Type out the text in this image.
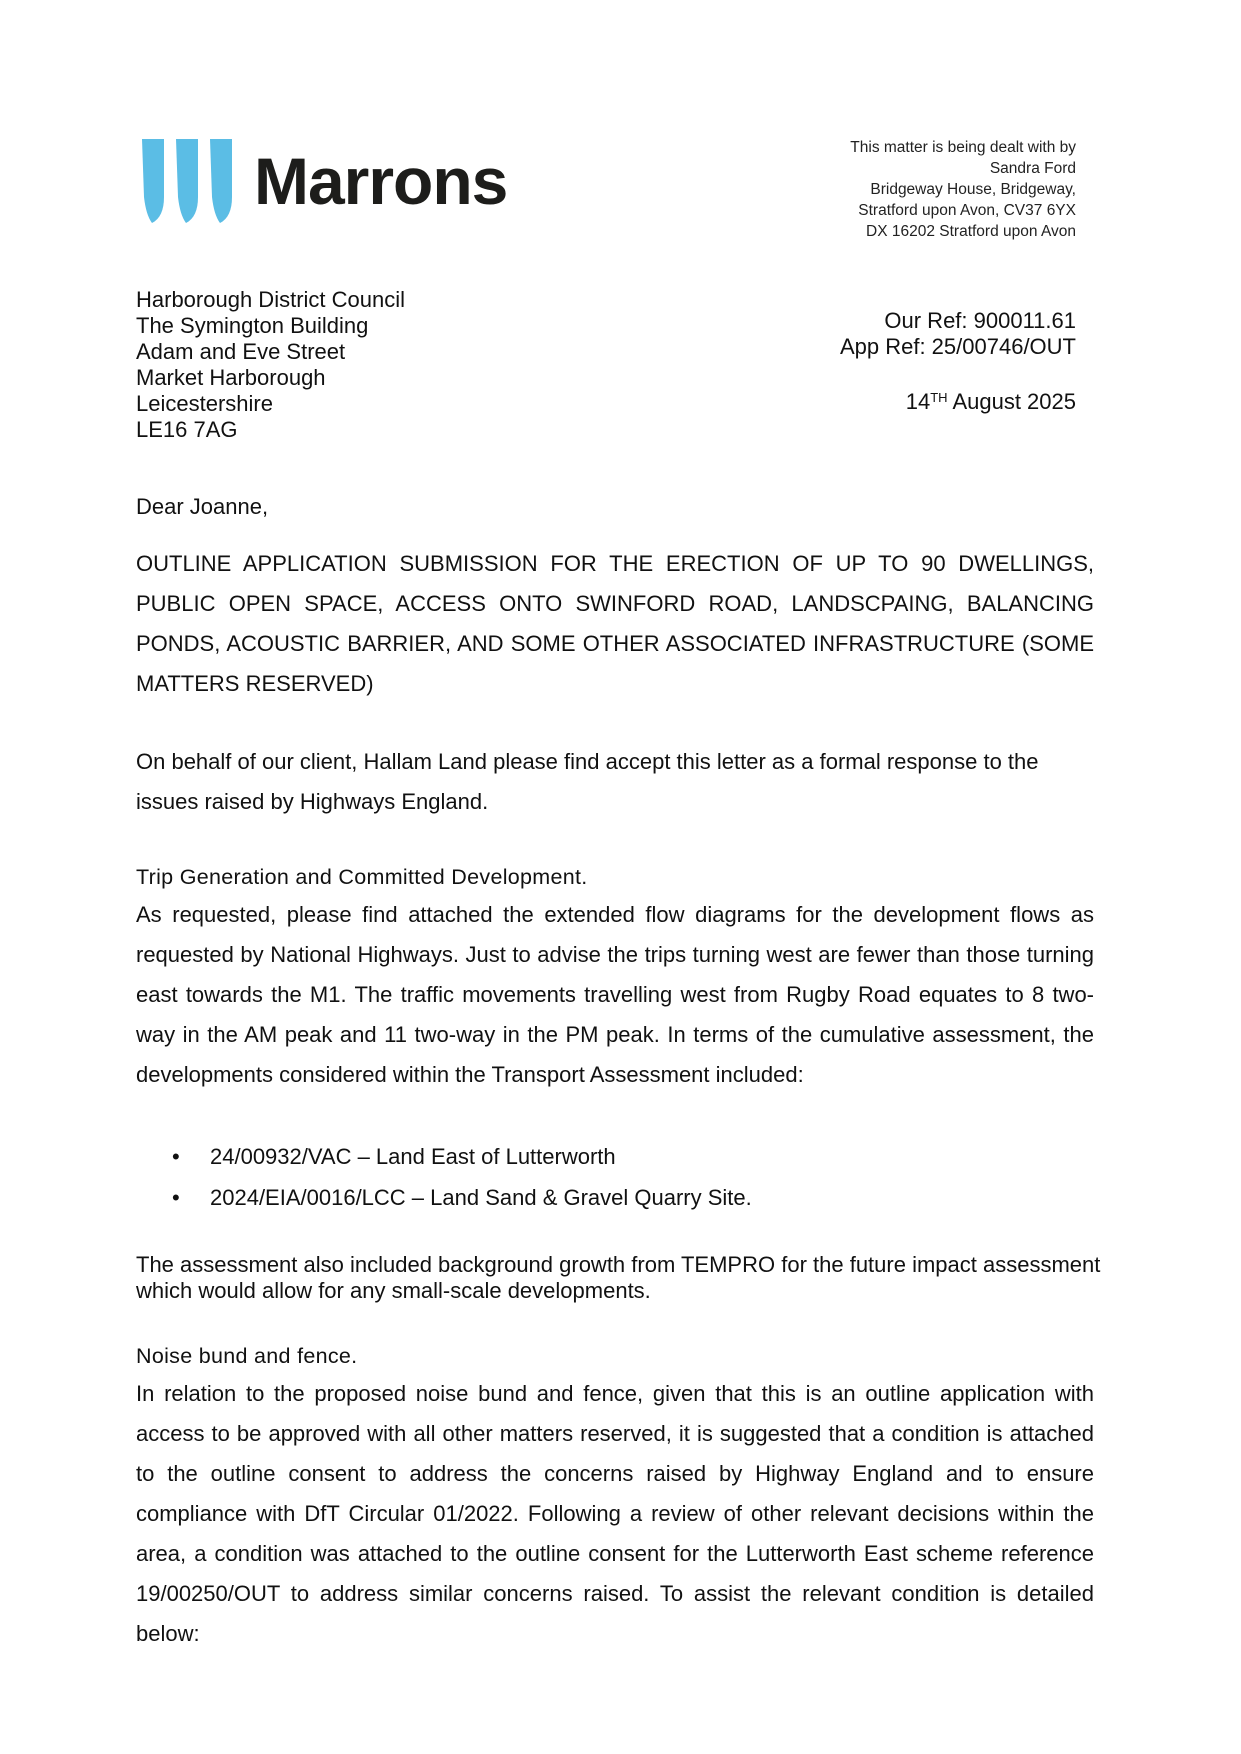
Marrons	This matter is being dealt with by
Sandra Ford
Bridgeway House, Bridgeway,
Stratford upon Avon, CV37 6YX
DX 16202 Stratford upon Avon
Harborough District Council
The Symington Building
Adam and Eve Street
Market Harborough
Leicestershire
LE16 7AG
Our Ref: 900011.61
App Ref: 25/00746/OUT
14TH August 2025
Dear Joanne,
OUTLINE APPLICATION SUBMISSION FOR THE ERECTION OF UP TO 90 DWELLINGS, PUBLIC OPEN SPACE, ACCESS ONTO SWINFORD ROAD, LANDSCPAING, BALANCING PONDS, ACOUSTIC BARRIER, AND SOME OTHER ASSOCIATED INFRASTRUCTURE (SOME MATTERS RESERVED)
On behalf of our client, Hallam Land please find accept this letter as a formal response to the issues raised by Highways England.
Trip Generation and Committed Development.
As requested, please find attached the extended flow diagrams for the development flows as requested by National Highways. Just to advise the trips turning west are fewer than those turning east towards the M1. The traffic movements travelling west from Rugby Road equates to 8 two-way in the AM peak and 11 two-way in the PM peak. In terms of the cumulative assessment, the developments considered within the Transport Assessment included:
• 24/00932/VAC – Land East of Lutterworth
• 2024/EIA/0016/LCC – Land Sand & Gravel Quarry Site.
The assessment also included background growth from TEMPRO for the future impact assessment which would allow for any small-scale developments.
Noise bund and fence.
In relation to the proposed noise bund and fence, given that this is an outline application with access to be approved with all other matters reserved, it is suggested that a condition is attached to the outline consent to address the concerns raised by Highway England and to ensure compliance with DfT Circular 01/2022. Following a review of other relevant decisions within the area, a condition was attached to the outline consent for the Lutterworth East scheme reference 19/00250/OUT to address similar concerns raised. To assist the relevant condition is detailed below:
